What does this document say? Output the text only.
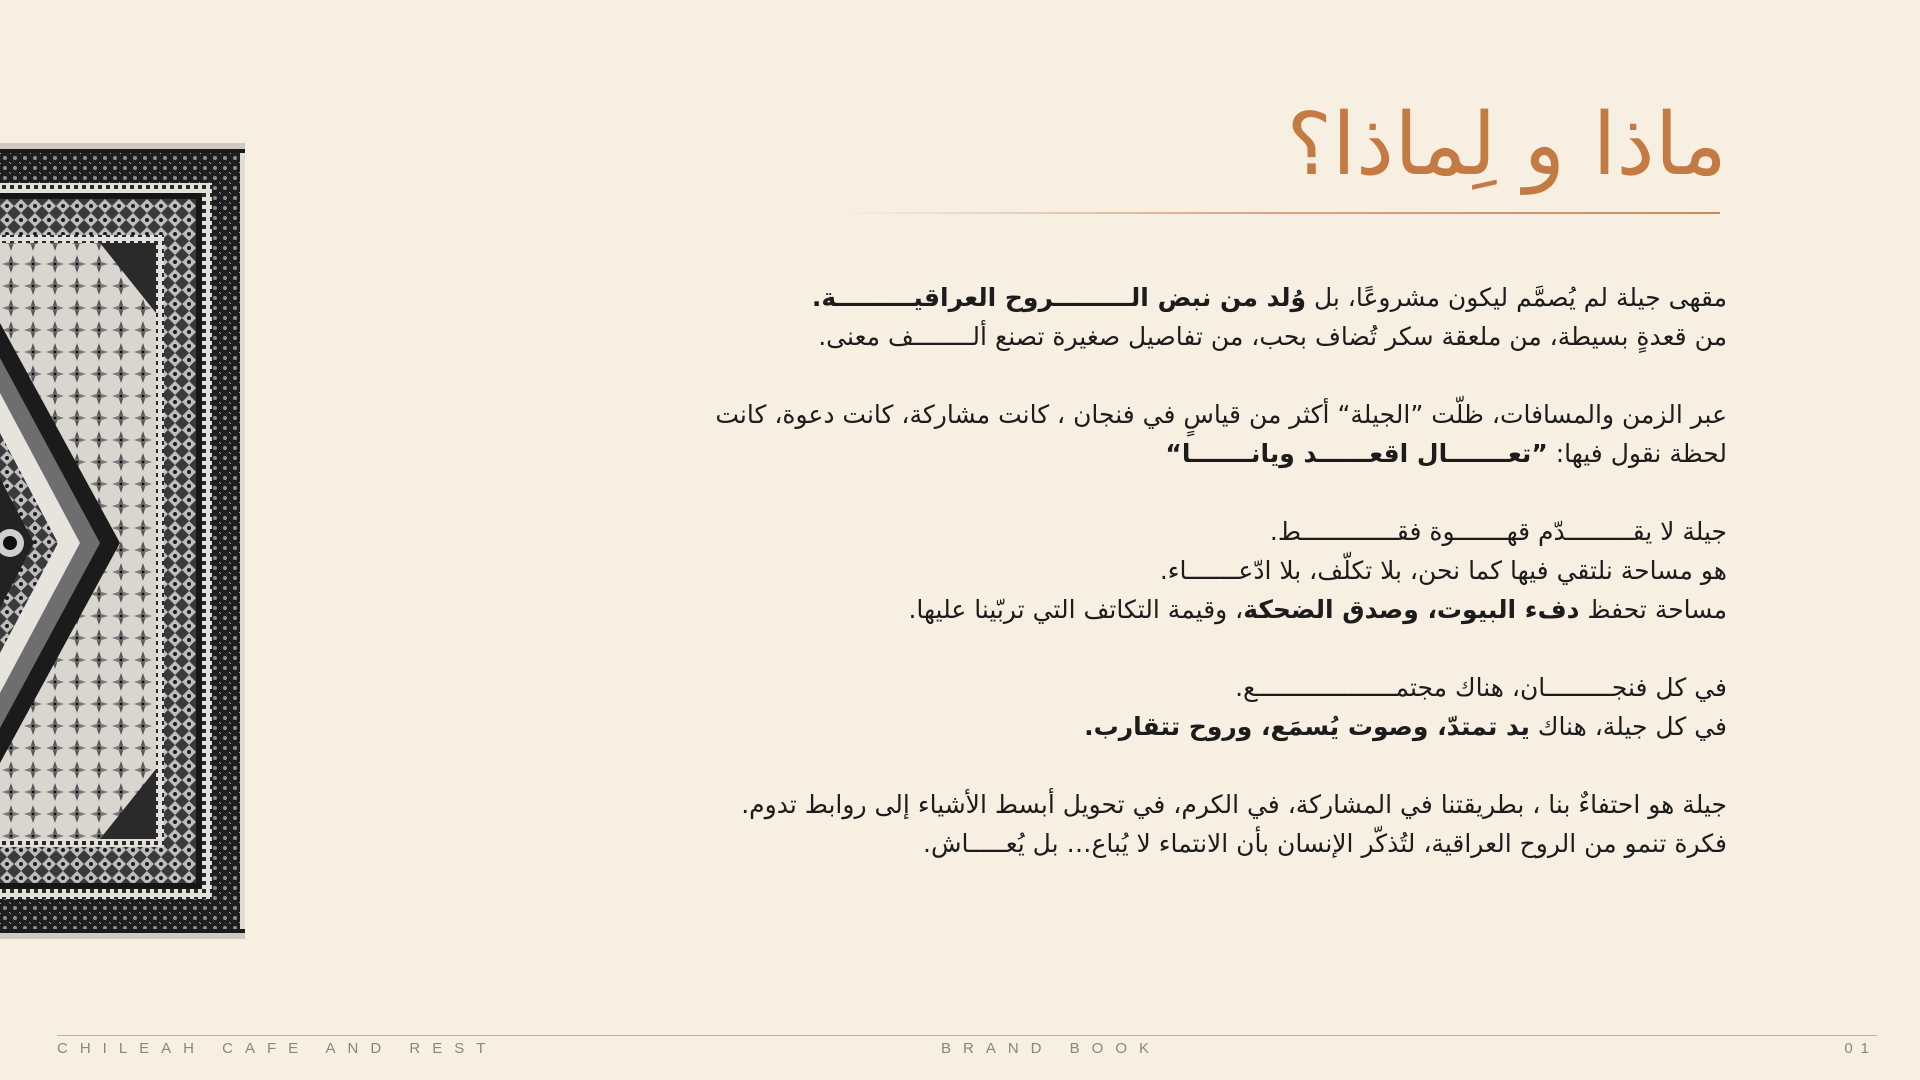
ماذا و لِماذا؟
مقهى جيلة لم يُصمَّم ليكون مشروعًا، بل وُلد من نبض الـــــــــروح العراقيـــــــــة.
من قعدةٍ بسيطة، من ملعقة سكر تُضاف بحب، من تفاصيل صغيرة تصنع ألــــــــف معنى.
عبر الزمن والمسافات، ظلّت ”الجيلة“ أكثر من قياسٍ في فنجان ، كانت مشاركة، كانت دعوة، كانت
لحظة نقول فيها: ”تعـــــــال اقعــــــد ويانـــــــا“
جيلة لا يقـــــــــدّم قهـــــــوة فقـــــــــــــط.
هو مساحة نلتقي فيها كما نحن، بلا تكلّف، بلا ادّعـــــــاء.
مساحة تحفظ دفء البيوت، وصدق الضحكة، وقيمة التكاتف التي تربّينا عليها.
في كل فنجـــــــــان، هناك مجتمـــــــــــــــــــع.
في كل جيلة، هناك يد تمتدّ، وصوت يُسمَع، وروح تتقارب.
جيلة هو احتفاءٌ بنا ، بطريقتنا في المشاركة، في الكرم، في تحويل أبسط الأشياء إلى روابط تدوم.
فكرة تنمو من الروح العراقية، لتُذكّر الإنسان بأن الانتماء لا يُباع… بل يُعـــــاش.
CHILEAH CAFE AND REST	BRAND BOOK	01
